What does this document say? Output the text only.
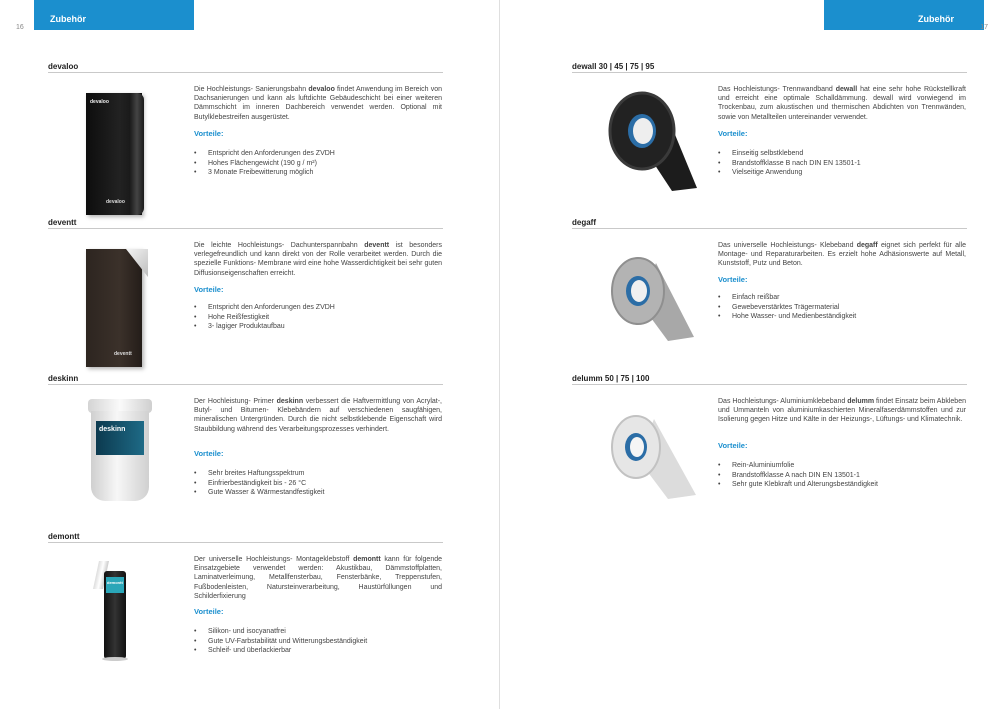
Zubehör
16
devaloo
devaloo
devaloo

Die Hochleistungs- Sanierungsbahn devaloo findet Anwendung im Bereich von Dachsanierungen und kann als luftdichte Gebäudeschicht bei einer weiteren Dämmschicht im inneren Dachbereich verwendet werden. Optional mit Butylklebestreifen ausgerüstet.

Vorteile:
• Entspricht den Anforderungen des ZVDH
• Hohes Flächengewicht (190 g / m²)
• 3 Monate Freibewitterung möglich
deventt
deventt

Die leichte Hochleistungs- Dachunterspannbahn deventt ist besonders verlegefreundlich und kann direkt von der Rolle verarbeitet werden. Durch die spezielle Funktions- Membrane wird eine hohe Wasserdichtigkeit bei sehr guten Diffusionseigenschaften erreicht.

Vorteile:
• Entspricht den Anforderungen des ZVDH
• Hohe Reißfestigkeit
• 3- lagiger Produktaufbau
deskinn
deskinn

Der Hochleistung- Primer deskinn verbessert die Haftvermittlung von Acrylat-, Butyl- und Bitumen- Klebebändern auf verschiedenen saugfähigen, mineralischen Untergründen. Durch die nicht selbstklebende Eigenschaft wird Staubbildung während des Verarbeitungsprozesses verhindert.

Vorteile:
• Sehr breites Haftungsspektrum
• Einfrierbeständigkeit bis - 26 °C
• Gute Wasser & Wärmestandfestigkeit
demontt
demontt

Der universelle Hochleistungs- Montageklebstoff demontt kann für folgende Einsatzgebiete verwendet werden: Akustikbau, Dämmstoffplatten, Laminatverleimung, Metallfensterbau, Fensterbänke, Treppenstufen, Fußbodenleisten, Natursteinverarbeitung, Haustürfüllungen und Schilderfixierung

Vorteile:
• Silikon- und isocyanatfrei
• Gute UV-Farbstabilität und Witterungsbeständigkeit
• Schleif- und überlackierbar
Zubehör
17
dewall 30 | 45 | 75 | 95

Das Hochleistungs- Trennwandband dewall hat eine sehr hohe Rückstellkraft und erreicht eine optimale Schalldämmung. dewall wird vorwiegend im Trockenbau, zum akustischen und thermischen Abdichten von Trennwänden, sowie von Metallteilen untereinander verwendet.

Vorteile:
• Einseitig selbstklebend
• Brandstoffklasse B nach DIN EN 13501-1
• Vielseitige Anwendung
degaff

Das universelle Hochleistungs- Klebeband degaff eignet sich perfekt für alle Montage- und Reparaturarbeiten. Es erzielt hohe Adhäsionswerte auf Metall, Kunststoff, Putz und Beton.

Vorteile:
• Einfach reißbar
• Gewebeverstärktes Trägermaterial
• Hohe Wasser- und Medienbeständigkeit
delumm 50 | 75 | 100

Das Hochleistungs- Aluminiumklebeband delumm findet Einsatz beim Abkleben und Ummanteln von aluminiumkaschierten Mineralfaserdämmstoffen und zur Isolierung gegen Hitze und Kälte in der Heizungs-, Lüftungs- und Klimatechnik.

Vorteile:
• Rein-Aluminiumfolie
• Brandstoffklasse A nach DIN EN 13501-1
• Sehr gute Klebkraft und Alterungsbeständigkeit
